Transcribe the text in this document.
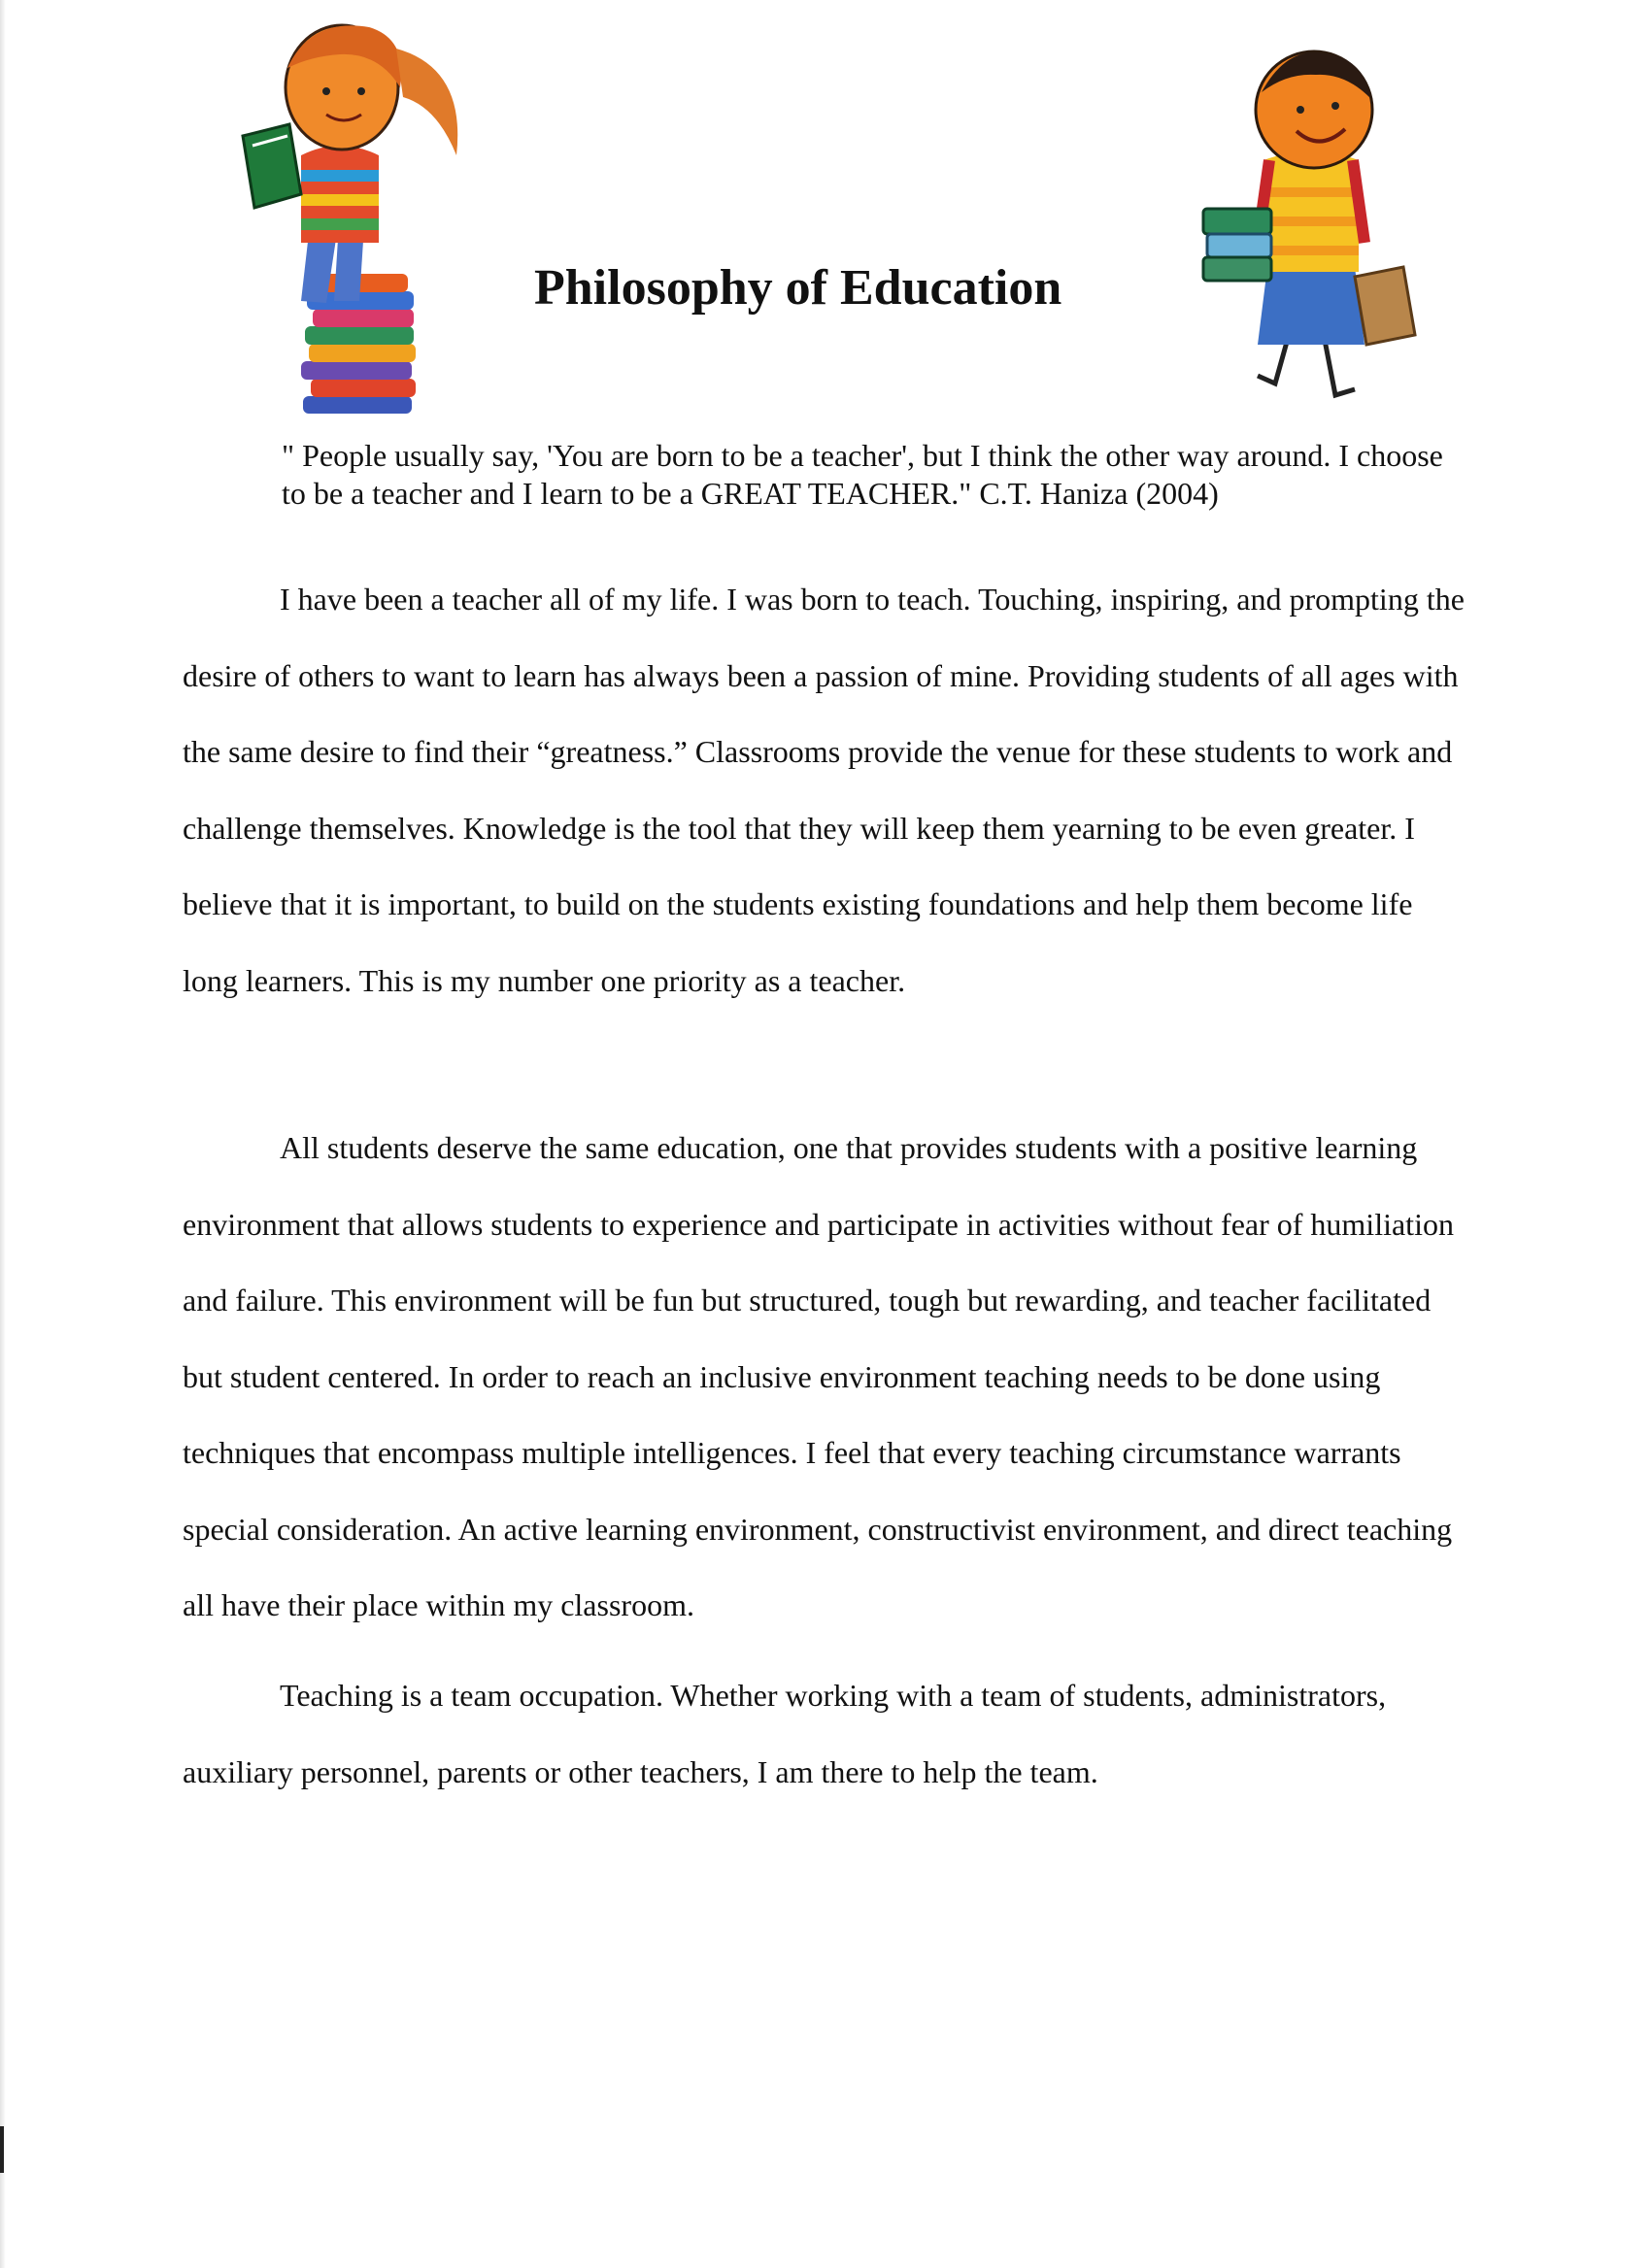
Philosophy of Education

" People usually say, 'You are born to be a teacher', but I think the other way around. I choose to be a teacher and I learn to be a GREAT TEACHER." C.T. Haniza (2004)

I have been a teacher all of my life. I was born to teach. Touching, inspiring, and prompting the desire of others to want to learn has always been a passion of mine. Providing students of all ages with the same desire to find their “greatness.” Classrooms provide the venue for these students to work and challenge themselves. Knowledge is the tool that they will keep them yearning to be even greater. I believe that it is important, to build on the students existing foundations and help them become life long learners. This is my number one priority as a teacher.

All students deserve the same education, one that provides students with a positive learning environment that allows students to experience and participate in activities without fear of humiliation and failure. This environment will be fun but structured, tough but rewarding, and teacher facilitated but student centered. In order to reach an inclusive environment teaching needs to be done using techniques that encompass multiple intelligences. I feel that every teaching circumstance warrants special consideration. An active learning environment, constructivist environment, and direct teaching all have their place within my classroom.

Teaching is a team occupation. Whether working with a team of students, administrators, auxiliary personnel, parents or other teachers, I am there to help the team.
